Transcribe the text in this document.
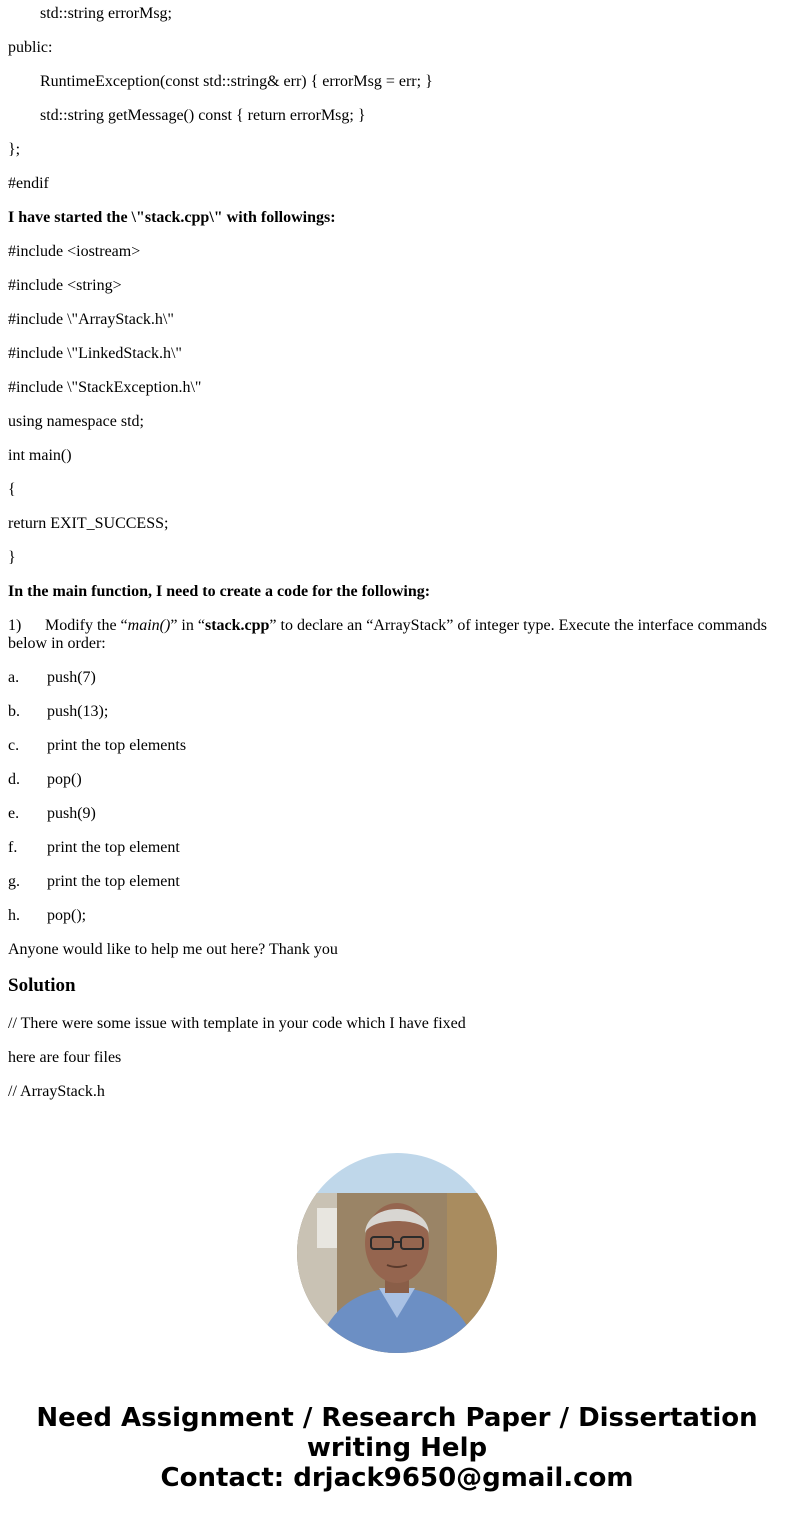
std::string errorMsg;
public:
RuntimeException(const std::string& err) { errorMsg = err; }
std::string getMessage() const { return errorMsg; }
};
#endif
I have started the \"stack.cpp\" with followings:
#include <iostream>
#include <string>
#include \"ArrayStack.h\"
#include \"LinkedStack.h\"
#include \"StackException.h\"
using namespace std;
int main()
{
return EXIT_SUCCESS;
}
In the main function, I need to create a code for the following:
1) Modify the “main()” in “stack.cpp” to declare an “ArrayStack” of integer type. Execute the interface commands below in order:
a. push(7)
b. push(13);
c. print the top elements
d. pop()
e. push(9)
f. print the top element
g. print the top element
h. pop();
Anyone would like to help me out here? Thank you
Solution
// There were some issue with template in your code which I have fixed
here are four files
// ArrayStack.h
Need Assignment / Research Paper / Dissertation
writing Help
Contact: drjack9650@gmail.com
